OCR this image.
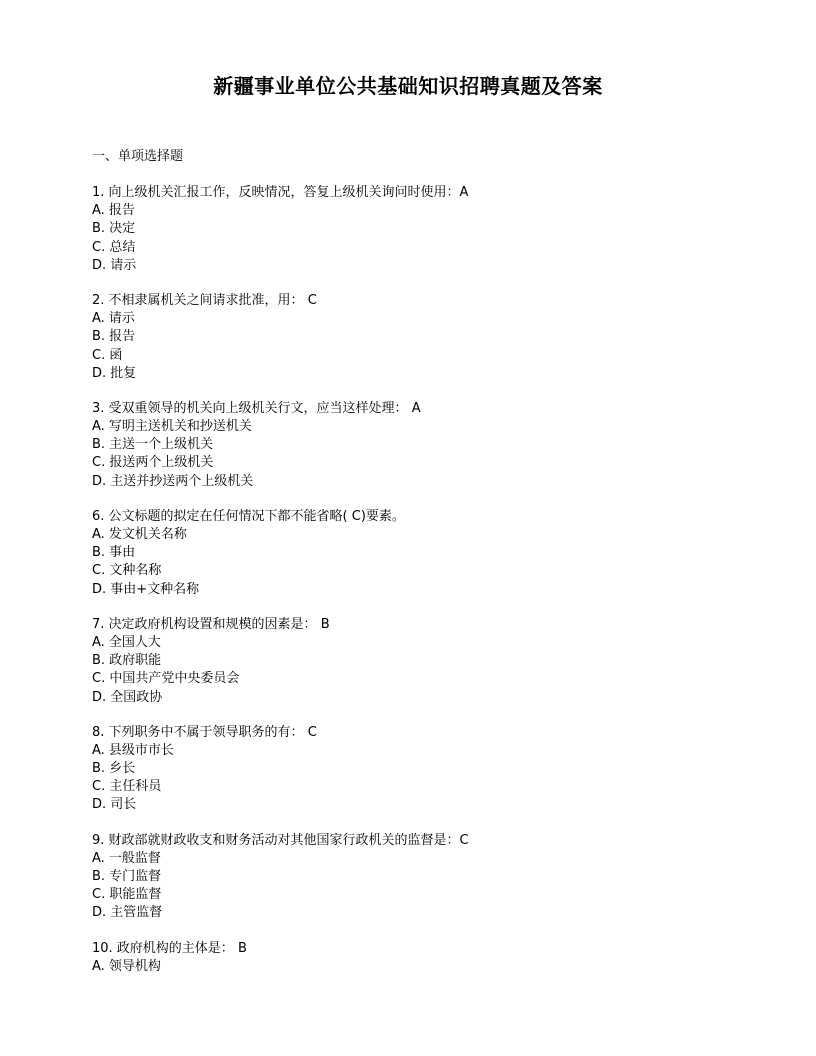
新疆事业单位公共基础知识招聘真题及答案
一、单项选择题
1. 向上级机关汇报工作，反映情况，答复上级机关询问时使用：A
A. 报告
B. 决定
C. 总结
D. 请示
2. 不相隶属机关之间请求批准，用： C
A. 请示
B. 报告
C. 函
D. 批复
3. 受双重领导的机关向上级机关行文，应当这样处理： A
A. 写明主送机关和抄送机关
B. 主送一个上级机关
C. 报送两个上级机关
D. 主送并抄送两个上级机关
6. 公文标题的拟定在任何情况下都不能省略( C)要素。
A. 发文机关名称
B. 事由
C. 文种名称
D. 事由+文种名称
7. 决定政府机构设置和规模的因素是： B
A. 全国人大
B. 政府职能
C. 中国共产党中央委员会
D. 全国政协
8. 下列职务中不属于领导职务的有： C
A. 县级市市长
B. 乡长
C. 主任科员
D. 司长
9. 财政部就财政收支和财务活动对其他国家行政机关的监督是：C
A. 一般监督
B. 专门监督
C. 职能监督
D. 主管监督
10. 政府机构的主体是： B
A. 领导机构
